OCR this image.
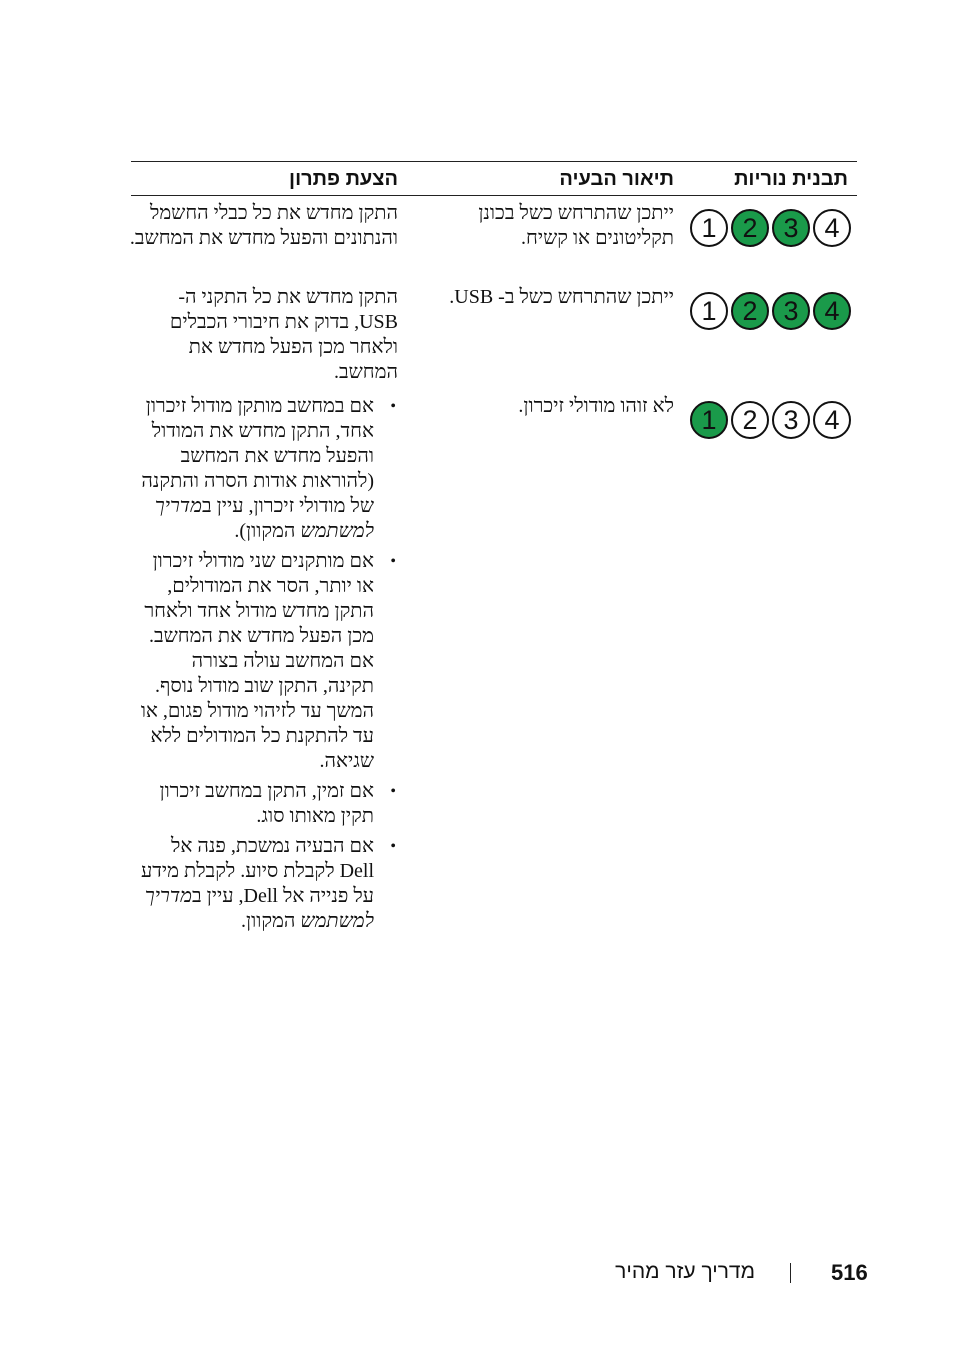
תבנית נוריות
תיאור הבעיה
הצעת פתרון
1 2 3 4
ייתכן שהתרחש כשל בכונן תקליטונים או קשיח.
התקן מחדש את כל כבלי החשמל והנתונים והפעל מחדש את המחשב.
1 2 3 4
ייתכן שהתרחש כשל ב- USB.
התקן מחדש את כל התקני ה- USB, בדוק את חיבורי הכבלים ולאחר מכן הפעל מחדש את המחשב.
1 2 3 4
לא זוהו מודולי זיכרון.
• אם במחשב מותקן מודול זיכרון אחד, התקן מחדש את המודול והפעל מחדש את המחשב (להוראות אודות הסרה והתקנה של מודולי זיכרון, עיין במדריך למשתמש המקוון).
• אם מותקנים שני מודולי זיכרון או יותר, הסר את המודולים, התקן מחדש מודול אחד ולאחר מכן הפעל מחדש את המחשב. אם המחשב עולה בצורה תקינה, התקן שוב מודול נוסף. המשך עד לזיהוי מודול פגום, או עד להתקנת כל המודולים ללא שגיאה.
• אם זמין, התקן במחשב זיכרון תקין מאותו סוג.
• אם הבעיה נמשכת, פנה אל Dell לקבלת סיוע. לקבלת מידע על פנייה אל Dell, עיין במדריך למשתמש המקוון.
516
מדריך עזר מהיר
